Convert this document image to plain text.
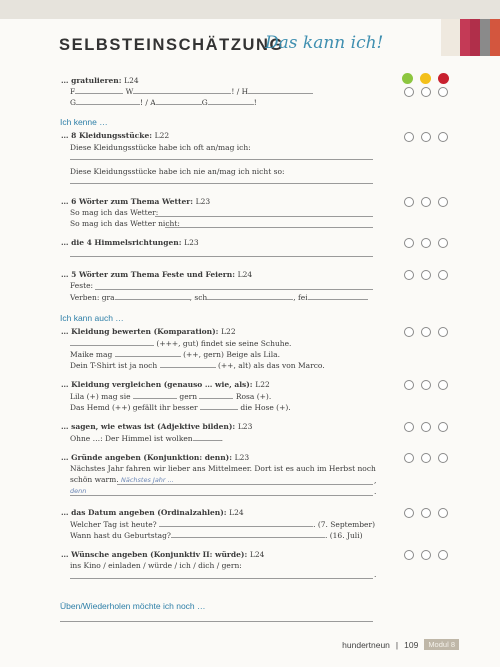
SELBSTEINSCHÄTZUNG
Das kann ich!
… gratulieren: L24
F	W	! / H
G	! / A	G	!
Ich kenne …
… 8 Kleidungsstücke: L22
Diese Kleidungsstücke habe ich oft an/mag ich:
Diese Kleidungsstücke habe ich nie an/mag ich nicht so:
… 6 Wörter zum Thema Wetter: L23
So mag ich das Wetter:
So mag ich das Wetter nicht:
… die 4 Himmelsrichtungen: L23
… 5 Wörter zum Thema Feste und Feiern: L24
Feste:
Verben: gra	, sch	, fei
Ich kann auch …
… Kleidung bewerten (Komparation): L22
(+++, gut) findet sie seine Schuhe.
Maike mag	(++, gern) Beige als Lila.
Dein T-Shirt ist ja noch	(++, alt) als das von Marco.
… Kleidung vergleichen (genauso … wie, als): L22
Lila (+) mag sie	gern	Rosa (+).
Das Hemd (++) gefällt ihr besser	die Hose (+).
… sagen, wie etwas ist (Adjektive bilden): L23
Ohne …: Der Himmel ist wolken	.
… Gründe angeben (Konjunktion: denn): L23
Nächstes Jahr fahren wir lieber ans Mittelmeer. Dort ist es auch im Herbst noch
schön warm. Nächstes Jahr ...	,
denn	.
… das Datum angeben (Ordinalzahlen): L24
Welcher Tag ist heute?	. (7. September)
Wann hast du Geburtstag?	. (16. Juli)
… Wünsche angeben (Konjunktiv II: würde): L24
ins Kino / einladen / würde / ich / dich / gern:
.
Üben/Wiederholen möchte ich noch …
hundertneun | 109	Modul 8
